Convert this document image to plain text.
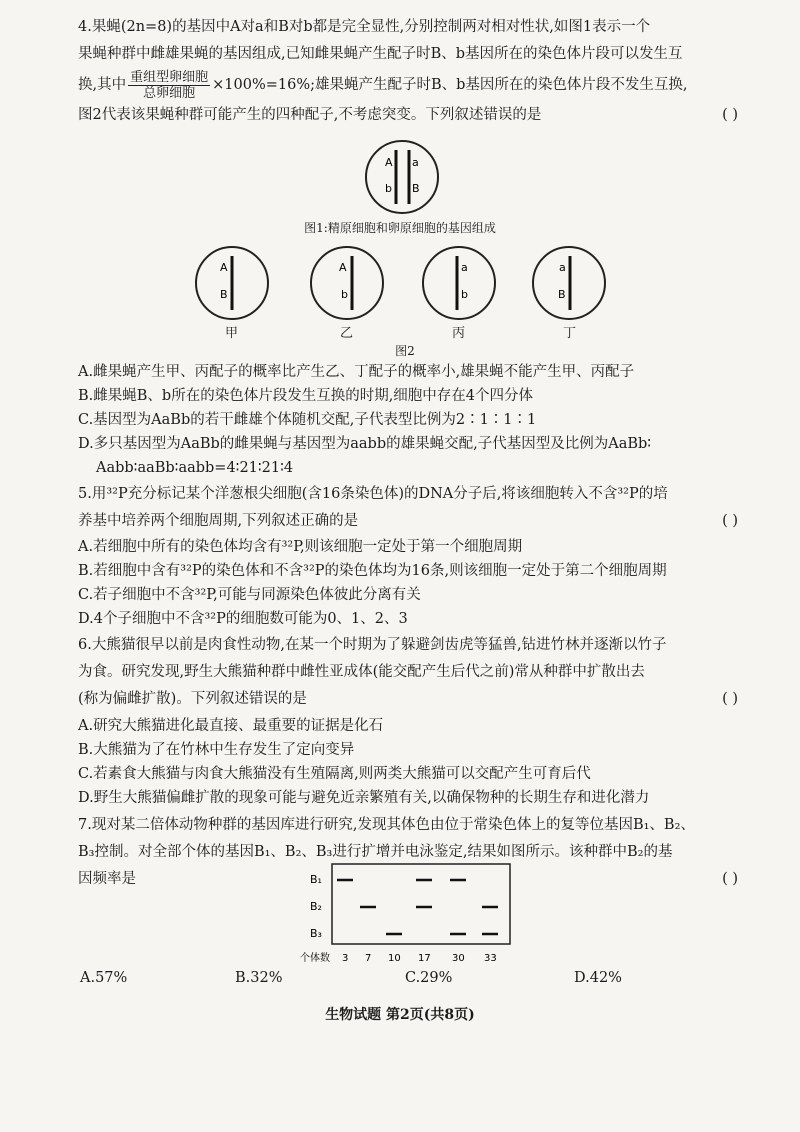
4.果蝇(2n=8)的基因中A对a和B对b都是完全显性,分别控制两对相对性状,如图1表示一个

果蝇种群中雌雄果蝇的基因组成,已知雌果蝇产生配子时B、b基因所在的染色体片段可以发生互

换,其中 $\frac{\text{重组型卵细胞}}{\text{总卵细胞}} \times 100\%=16\%$;雄果蝇产生配子时B、b基因所在的染色体片段不发生互换,

图2代表该果蝇种群可能产生的四种配子,不考虑突变。下列叙述错误的是	( )

A a
b B
图1:精原细胞和卵原细胞的基因组成
A
B
A
b
a
b
a
B
甲	乙	丙	丁
图2
A.雌果蝇产生甲、丙配子的概率比产生乙、丁配子的概率小,雄果蝇不能产生甲、丙配子
B.雌果蝇B、b所在的染色体片段发生互换的时期,细胞中存在4个四分体
C.基因型为AaBb的若干雌雄个体随机交配,子代表型比例为2∶1∶1∶1
D.多只基因型为AaBb的雌果蝇与基因型为aabb的雄果蝇交配,子代基因型及比例为AaBb∶
Aabb∶aaBb∶aabb=4∶21∶21∶4

5.用³²P充分标记某个洋葱根尖细胞(含16条染色体)的DNA分子后,将该细胞转入不含³²P的培

养基中培养两个细胞周期,下列叙述正确的是	( )

A.若细胞中所有的染色体均含有³²P,则该细胞一定处于第一个细胞周期
B.若细胞中含有³²P的染色体和不含³²P的染色体均为16条,则该细胞一定处于第二个细胞周期
C.若子细胞中不含³²P,可能与同源染色体彼此分离有关
D.4个子细胞中不含³²P的细胞数可能为0、1、2、3

6.大熊猫很早以前是肉食性动物,在某一个时期为了躲避剑齿虎等猛兽,钻进竹林并逐渐以竹子

为食。研究发现,野生大熊猫种群中雌性亚成体(能交配产生后代之前)常从种群中扩散出去

(称为偏雌扩散)。下列叙述错误的是	( )

A.研究大熊猫进化最直接、最重要的证据是化石
B.大熊猫为了在竹林中生存发生了定向变异
C.若素食大熊猫与肉食大熊猫没有生殖隔离,则两类大熊猫可以交配产生可育后代
D.野生大熊猫偏雌扩散的现象可能与避免近亲繁殖有关,以确保物种的长期生存和进化潜力

7.现对某二倍体动物种群的基因库进行研究,发现其体色由位于常染色体上的复等位基因B₁、B₂、

B₃控制。对全部个体的基因B₁、B₂、B₃进行扩增并电泳鉴定,结果如图所示。该种群中B₂的基

因频率是	( )

B₁
B₂
B₃
个体数 3 7 10 17 30 33
A.57%	B.32%	C.29%	D.42%
生物试题 第2页(共8页)
